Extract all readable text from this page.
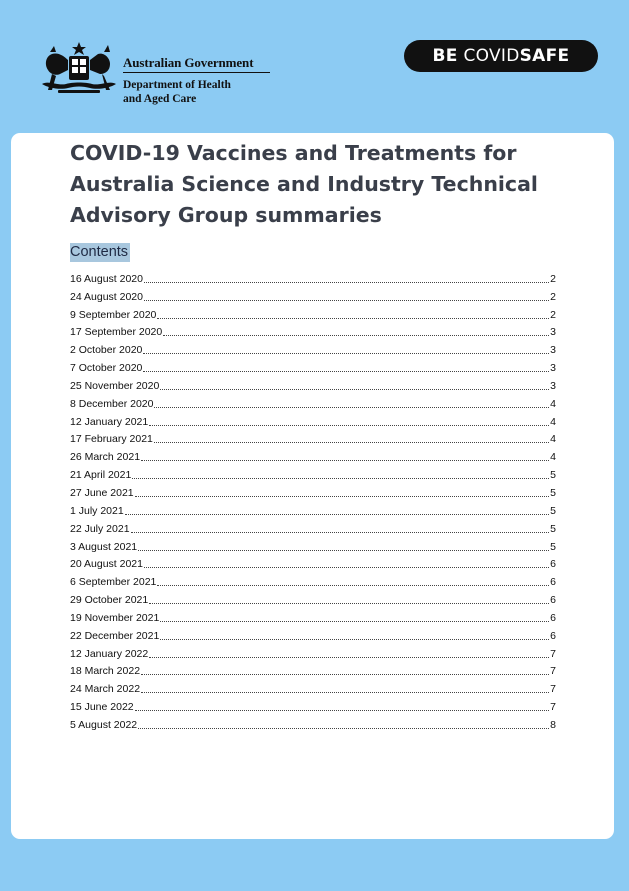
Australian Government
Department of Health
and Aged Care
BE
COVID SAFE
COVID-19 Vaccines and Treatments for Australia Science and Industry Technical Advisory Group summaries
Contents
16 August 2020	2
24 August 2020	2
9 September 2020	2
17 September 2020	3
2 October 2020	3
7 October 2020	3
25 November 2020	3
8 December 2020	4
12 January 2021	4
17 February 2021	4
26 March 2021	4
21 April 2021	5
27 June 2021	5
1 July 2021	5
22 July 2021	5
3 August 2021	5
20 August 2021	6
6 September 2021	6
29 October 2021	6
19 November 2021	6
22 December 2021	6
12 January 2022	7
18 March 2022	7
24 March 2022	7
15 June 2022	7
5 August 2022	8
